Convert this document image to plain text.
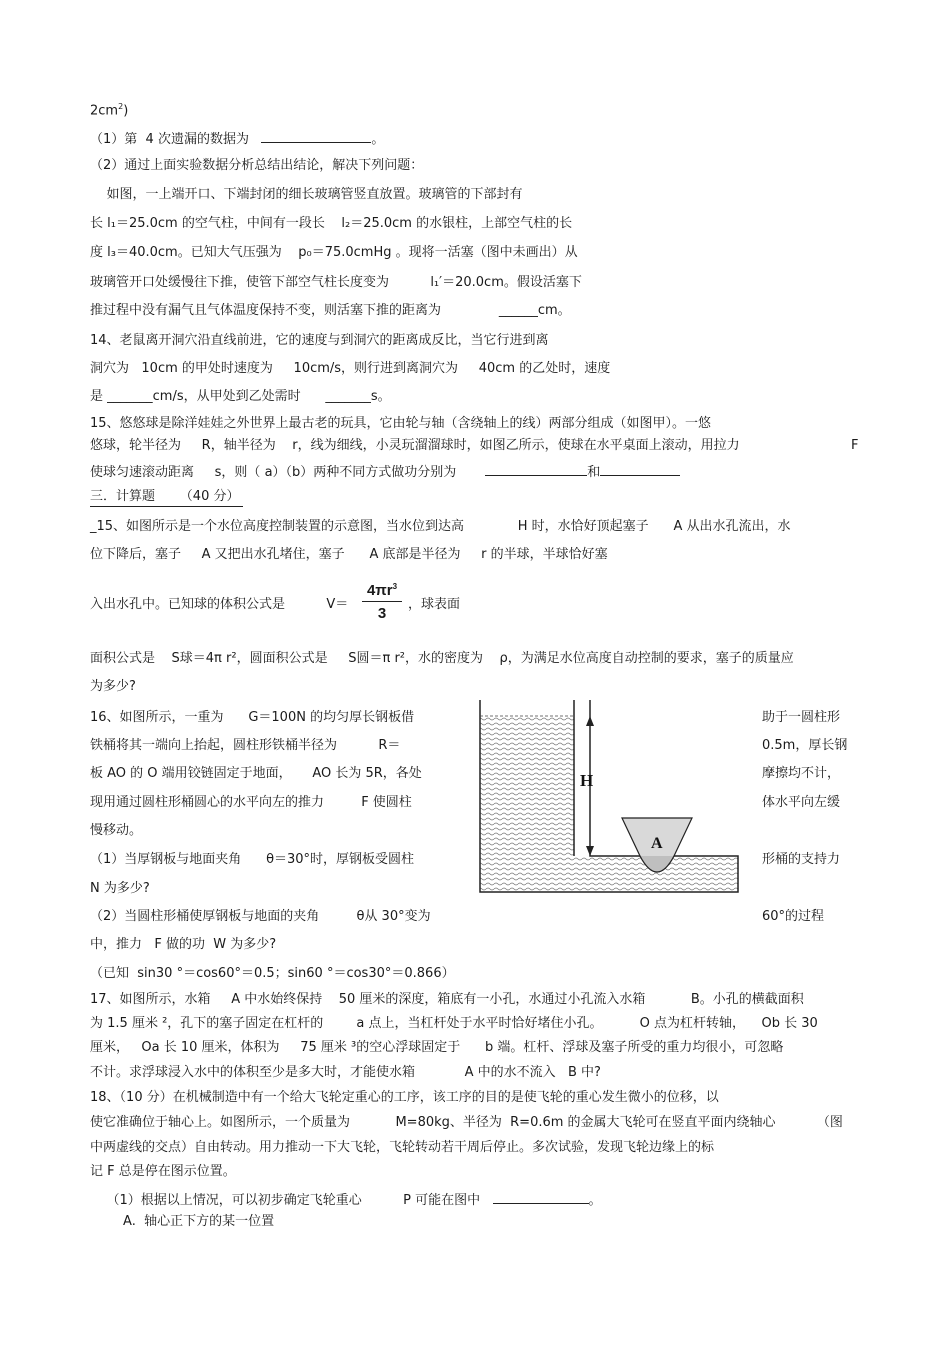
$2cm^2$)
（1）第  4 次遗漏的数据为	。
（2）通过上面实验数据分析总结出结论，解决下列问题：
如图，一上端开口、下端封闭的细长玻璃管竖直放置。玻璃管的下部封有
长 l₁＝25.0cm 的空气柱，中间有一段长    l₂＝25.0cm 的水银柱，上部空气柱的长
度 l₃＝40.0cm。已知大气压强为    p₀＝75.0cmHg 。现将一活塞（图中未画出）从
玻璃管开口处缓慢往下推，使管下部空气柱长度变为          l₁′＝20.0cm。假设活塞下
推过程中没有漏气且气体温度保持不变，则活塞下推的距离为              ______cm。
14、老鼠离开洞穴沿直线前进，它的速度与到洞穴的距离成反比，当它行进到离
洞穴为   10cm 的甲处时速度为     10cm/s，则行进到离洞穴为     40cm 的乙处时，速度
是 _______cm/s，从甲处到乙处需时      _______s。
15、悠悠球是除洋娃娃之外世界上最古老的玩具，它由轮与轴（含绕轴上的线）两部分组成（如图甲）。一悠
悠球，轮半径为     R，轴半径为    r，线为细线，小灵玩溜溜球时，如图乙所示，使球在水平桌面上滚动，用拉力	F
使球匀速滚动距离     s，则（ a）（b）两种不同方式做功分别为	和
三．计算题      （40 分）
_15、如图所示是一个水位高度控制装置的示意图，当水位到达高             H 时，水恰好顶起塞子      A 从出水孔流出，水
位下降后，塞子     A 又把出水孔堵住，塞子      A 底部是半径为     r 的半球，半球恰好塞
入出水孔中。已知球的体积公式是          $V= \frac{4\pi r^3}{3}$ ，球表面
面积公式是    S球＝4π r²，圆面积公式是     S圆＝π r²，水的密度为    ρ，为满足水位高度自动控制的要求，塞子的质量应
为多少?
16、如图所示，一重为      G＝100N 的均匀厚长钢板借	助于一圆柱形
铁桶将其一端向上抬起，圆柱形铁桶半径为          R＝	0.5m，厚长钢
板 AO 的 O 端用铰链固定于地面，     AO 长为 5R，各处	摩擦均不计，
现用通过圆柱形桶圆心的水平向左的推力         F 使圆柱	体水平向左缓
慢移动。
（1）当厚钢板与地面夹角      θ＝30°时，厚钢板受圆柱	形桶的支持力
N 为多少?
（2）当圆柱形桶使厚钢板与地面的夹角         θ从 30°变为	60°的过程
中，推力   F 做的功  W 为多少?
（已知  sin30 °＝cos60°＝0.5；sin60 °＝cos30°＝0.866）
17、如图所示，水箱     A 中水始终保持    50 厘米的深度，箱底有一小孔，水通过小孔流入水箱           B。小孔的横截面积
为 1.5 厘米 ²，孔下的塞子固定在杠杆的        a 点上，当杠杆处于水平时恰好堵住小孔。         O 点为杠杆转轴，    Ob 长 30
厘米，   Oa 长 10 厘米，体积为     75 厘米 ³的空心浮球固定于      b 端。杠杆、浮球及塞子所受的重力均很小，可忽略
不计。求浮球浸入水中的体积至少是多大时，才能使水箱            A 中的水不流入   B 中?
18、（10 分）在机械制造中有一个给大飞轮定重心的工序，该工序的目的是使飞轮的重心发生微小的位移，以
使它准确位于轴心上。如图所示，一个质量为           M=80kg、半径为  R=0.6m 的金属大飞轮可在竖直平面内绕轴心          （图
中两虚线的交点）自由转动。用力推动一下大飞轮，飞轮转动若干周后停止。多次试验，发现飞轮边缘上的标
记 F 总是停在图示位置。
（1）根据以上情况，可以初步确定飞轮重心          P 可能在图中	。
A.  轴心正下方的某一位置
H
A
